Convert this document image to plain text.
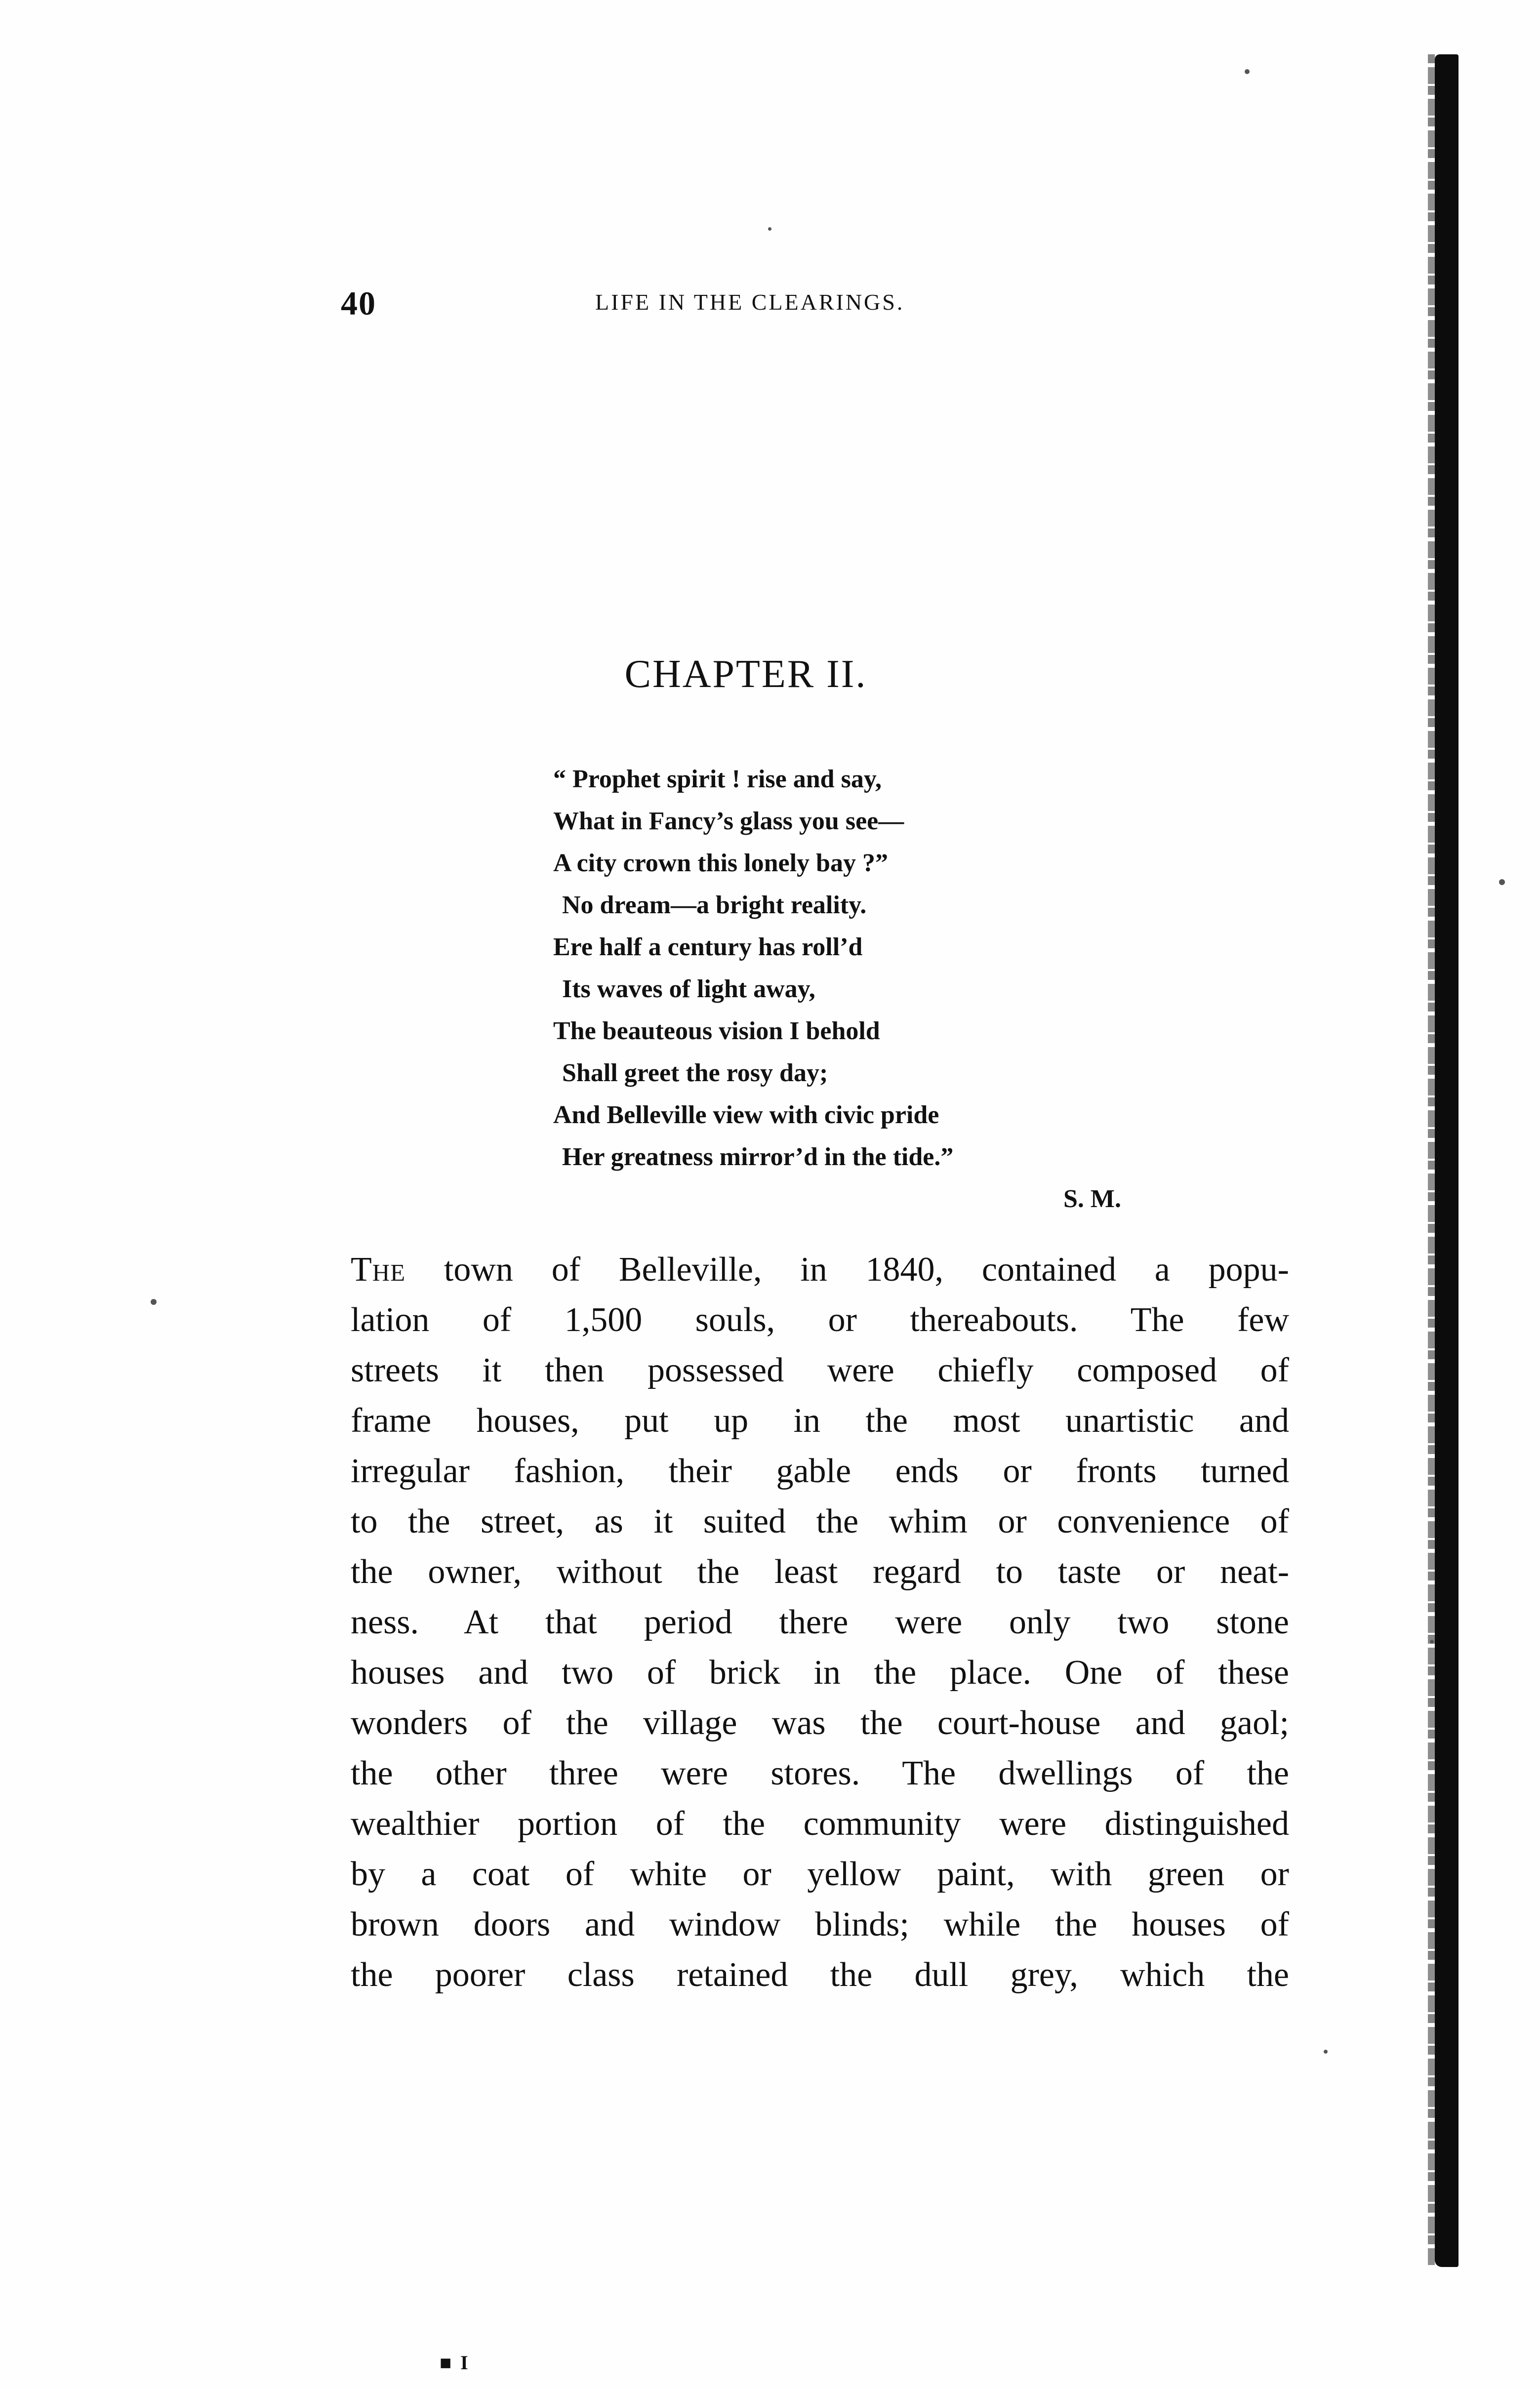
40	LIFE IN THE CLEARINGS.
CHAPTER II.
“ Prophet spirit ! rise and say,
What in Fancy’s glass you see—
A city crown this lonely bay ?”
No dream—a bright reality.
Ere half a century has roll’d
Its waves of light away,
The beauteous vision I behold
Shall greet the rosy day;
And Belleville view with civic pride
Her greatness mirror’d in the tide.”
S. M.
The town of Belleville, in 1840, contained a popu-
lation of 1,500 souls, or thereabouts. The few
streets it then possessed were chiefly composed of
frame houses, put up in the most unartistic and
irregular fashion, their gable ends or fronts turned
to the street, as it suited the whim or convenience of
the owner, without the least regard to taste or neat-
ness. At that period there were only two stone
houses and two of brick in the place. One of these
wonders of the village was the court-house and gaol;
the other three were stores. The dwellings of the
wealthier portion of the community were distinguished
by a coat of white or yellow paint, with green or
brown doors and window blinds; while the houses of
the poorer class retained the dull grey, which the
■ I
